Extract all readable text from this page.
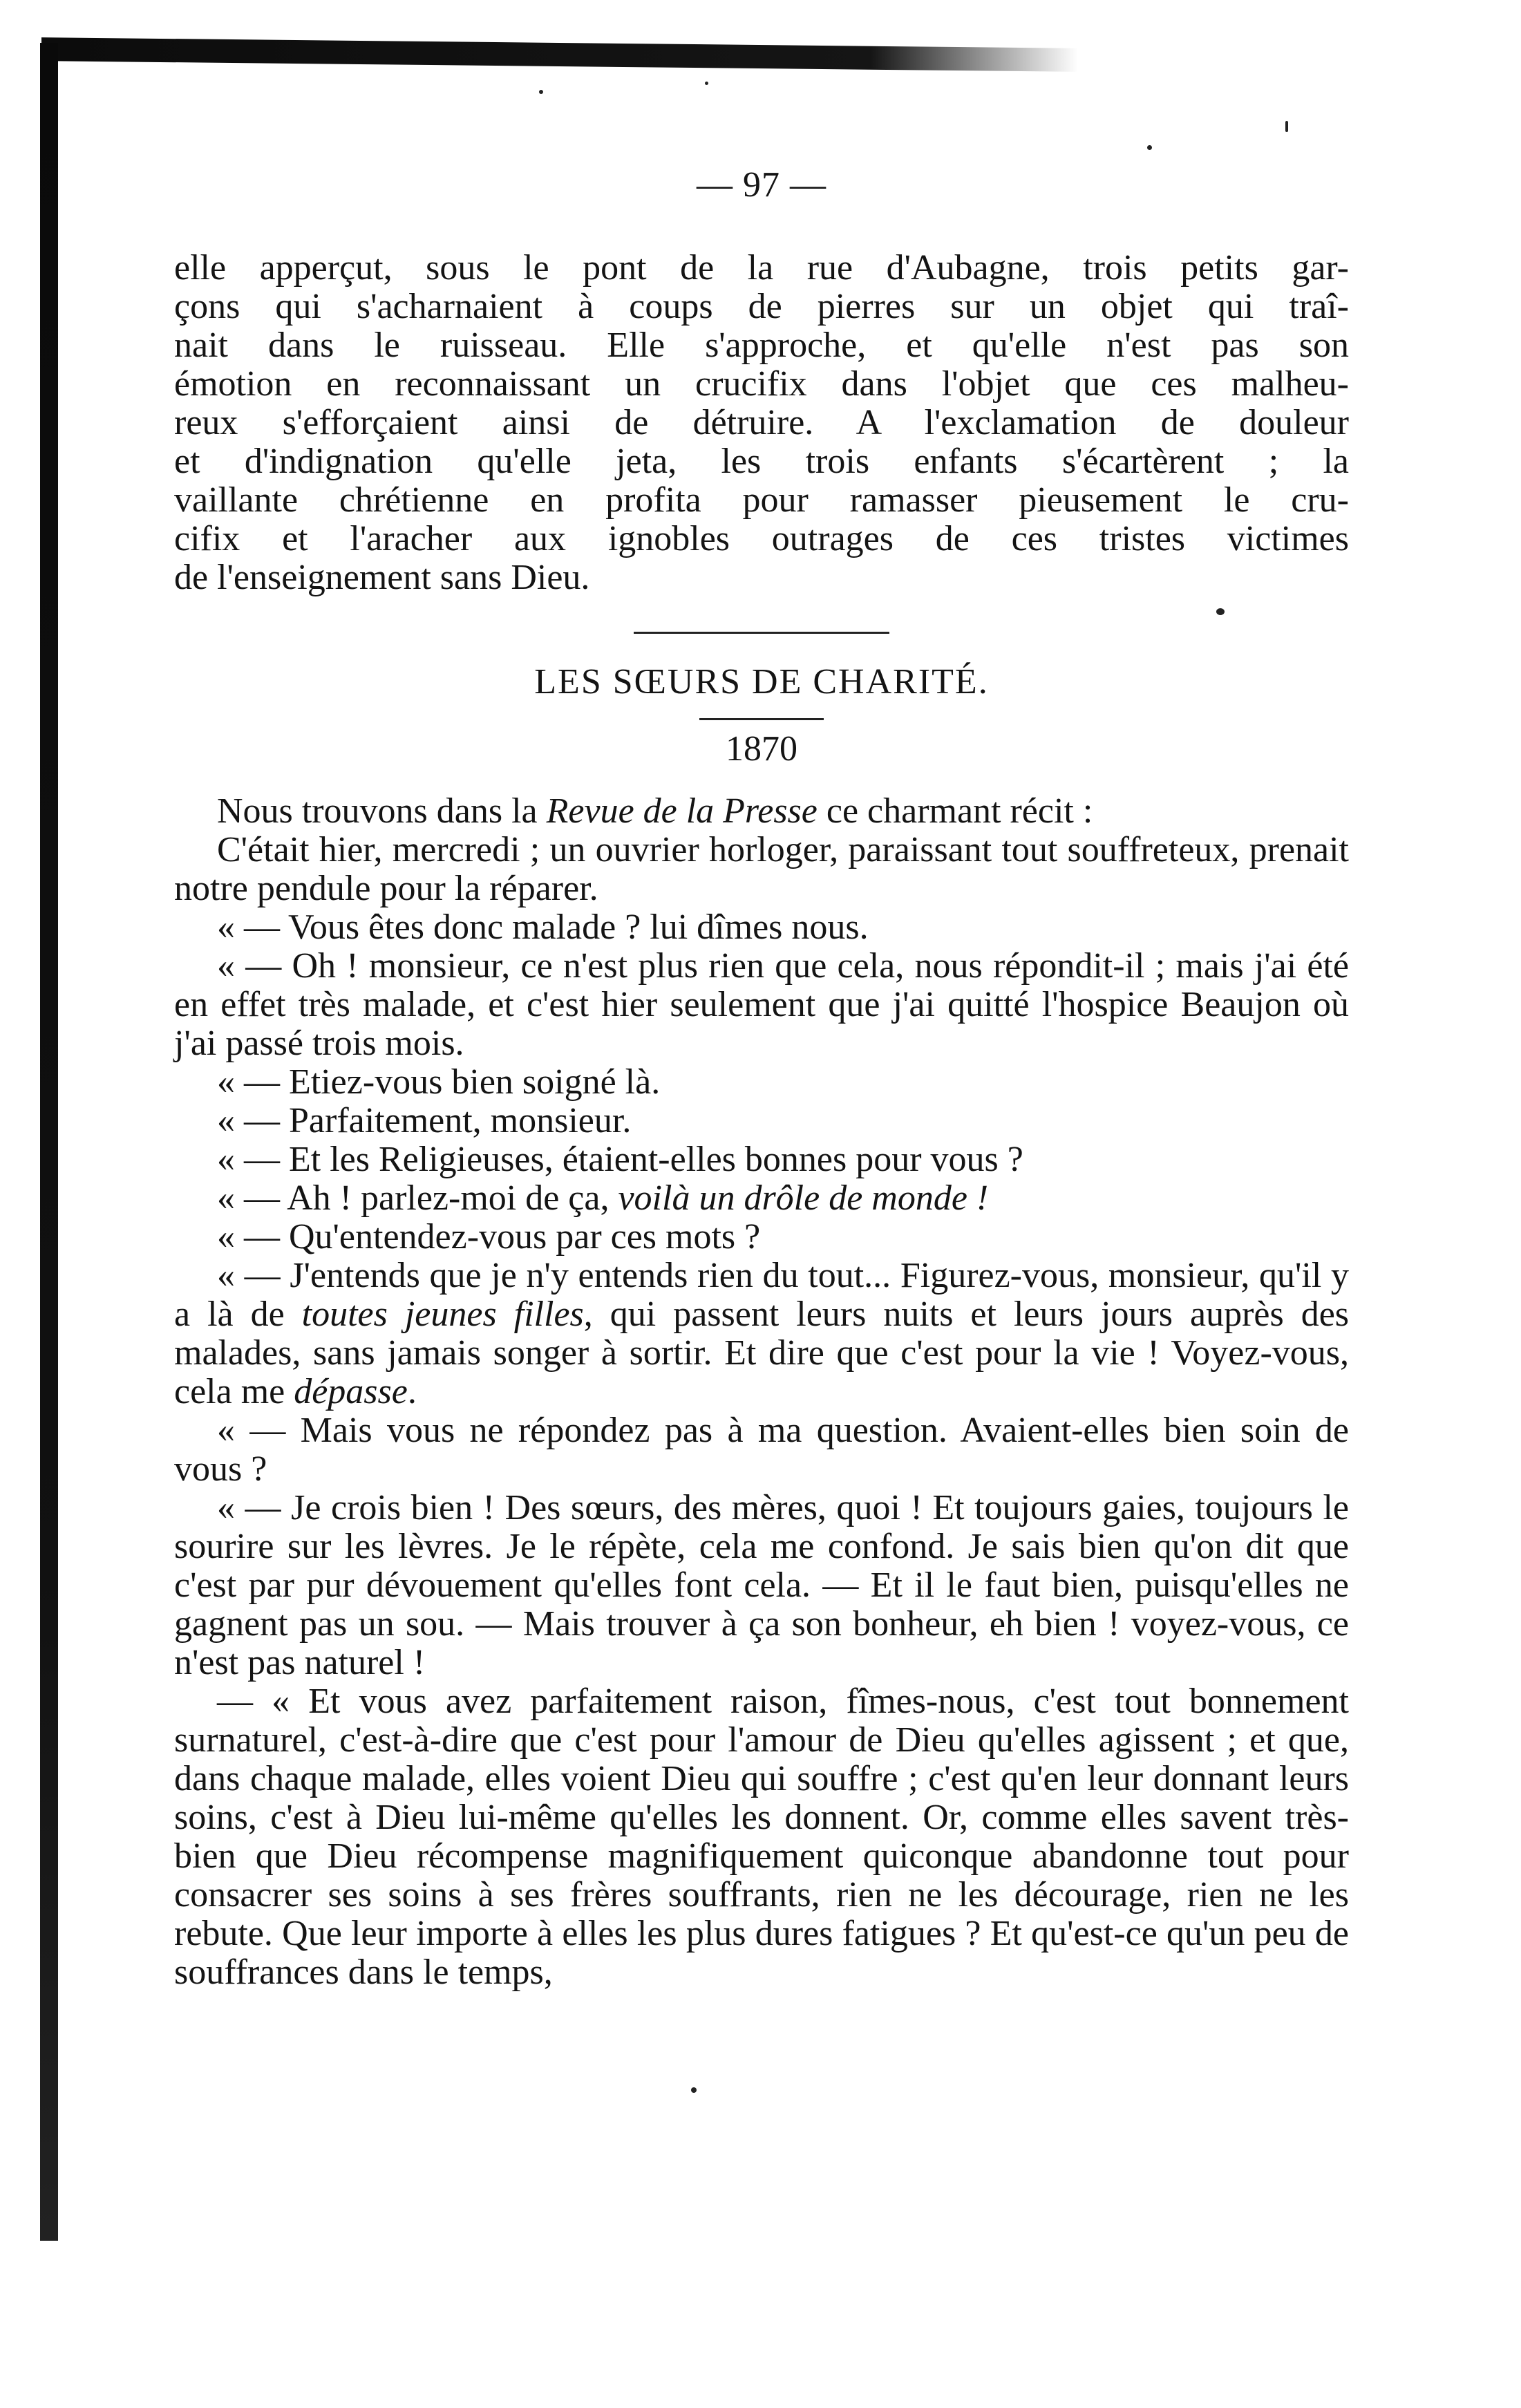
— 97 —
elle apperçut, sous le pont de la rue d'Aubagne, trois petits gar-
çons qui s'acharnaient à coups de pierres sur un objet qui traî-
nait dans le ruisseau. Elle s'approche, et qu'elle n'est pas son
émotion en reconnaissant un crucifix dans l'objet que ces malheu-
reux s'efforçaient ainsi de détruire. A l'exclamation de douleur
et d'indignation qu'elle jeta, les trois enfants s'écartèrent ; la
vaillante chrétienne en profita pour ramasser pieusement le cru-
cifix et l'aracher aux ignobles outrages de ces tristes victimes
de l'enseignement sans Dieu.

LES SŒURS DE CHARITÉ.

1870

Nous trouvons dans la Revue de la Presse ce charmant récit :

C'était hier, mercredi ; un ouvrier horloger, paraissant tout souffreteux, prenait notre pendule pour la réparer.

« — Vous êtes donc malade ? lui dîmes nous.

« — Oh ! monsieur, ce n'est plus rien que cela, nous répondit-il ; mais j'ai été en effet très malade, et c'est hier seulement que j'ai quitté l'hospice Beaujon où j'ai passé trois mois.

« — Etiez-vous bien soigné là.

« — Parfaitement, monsieur.

« — Et les Religieuses, étaient-elles bonnes pour vous ?

« — Ah ! parlez-moi de ça, voilà un drôle de monde !

« — Qu'entendez-vous par ces mots ?

« — J'entends que je n'y entends rien du tout... Figurez-vous, monsieur, qu'il y a là de toutes jeunes filles, qui passent leurs nuits et leurs jours auprès des malades, sans jamais songer à sortir. Et dire que c'est pour la vie ! Voyez-vous, cela me dépasse.

« — Mais vous ne répondez pas à ma question. Avaient-elles bien soin de vous ?

« — Je crois bien ! Des sœurs, des mères, quoi ! Et toujours gaies, toujours le sourire sur les lèvres. Je le répète, cela me confond. Je sais bien qu'on dit que c'est par pur dévouement qu'elles font cela. — Et il le faut bien, puisqu'elles ne gagnent pas un sou. — Mais trouver à ça son bonheur, eh bien ! voyez-vous, ce n'est pas naturel !

— « Et vous avez parfaitement raison, fîmes-nous, c'est tout bonnement surnaturel, c'est-à-dire que c'est pour l'amour de Dieu qu'elles agissent ; et que, dans chaque malade, elles voient Dieu qui souffre ; c'est qu'en leur donnant leurs soins, c'est à Dieu lui-même qu'elles les donnent. Or, comme elles savent très-bien que Dieu récompense magnifiquement quiconque abandonne tout pour consacrer ses soins à ses frères souffrants, rien ne les décourage, rien ne les rebute. Que leur importe à elles les plus dures fatigues ? Et qu'est-ce qu'un peu de souffrances dans le temps,
